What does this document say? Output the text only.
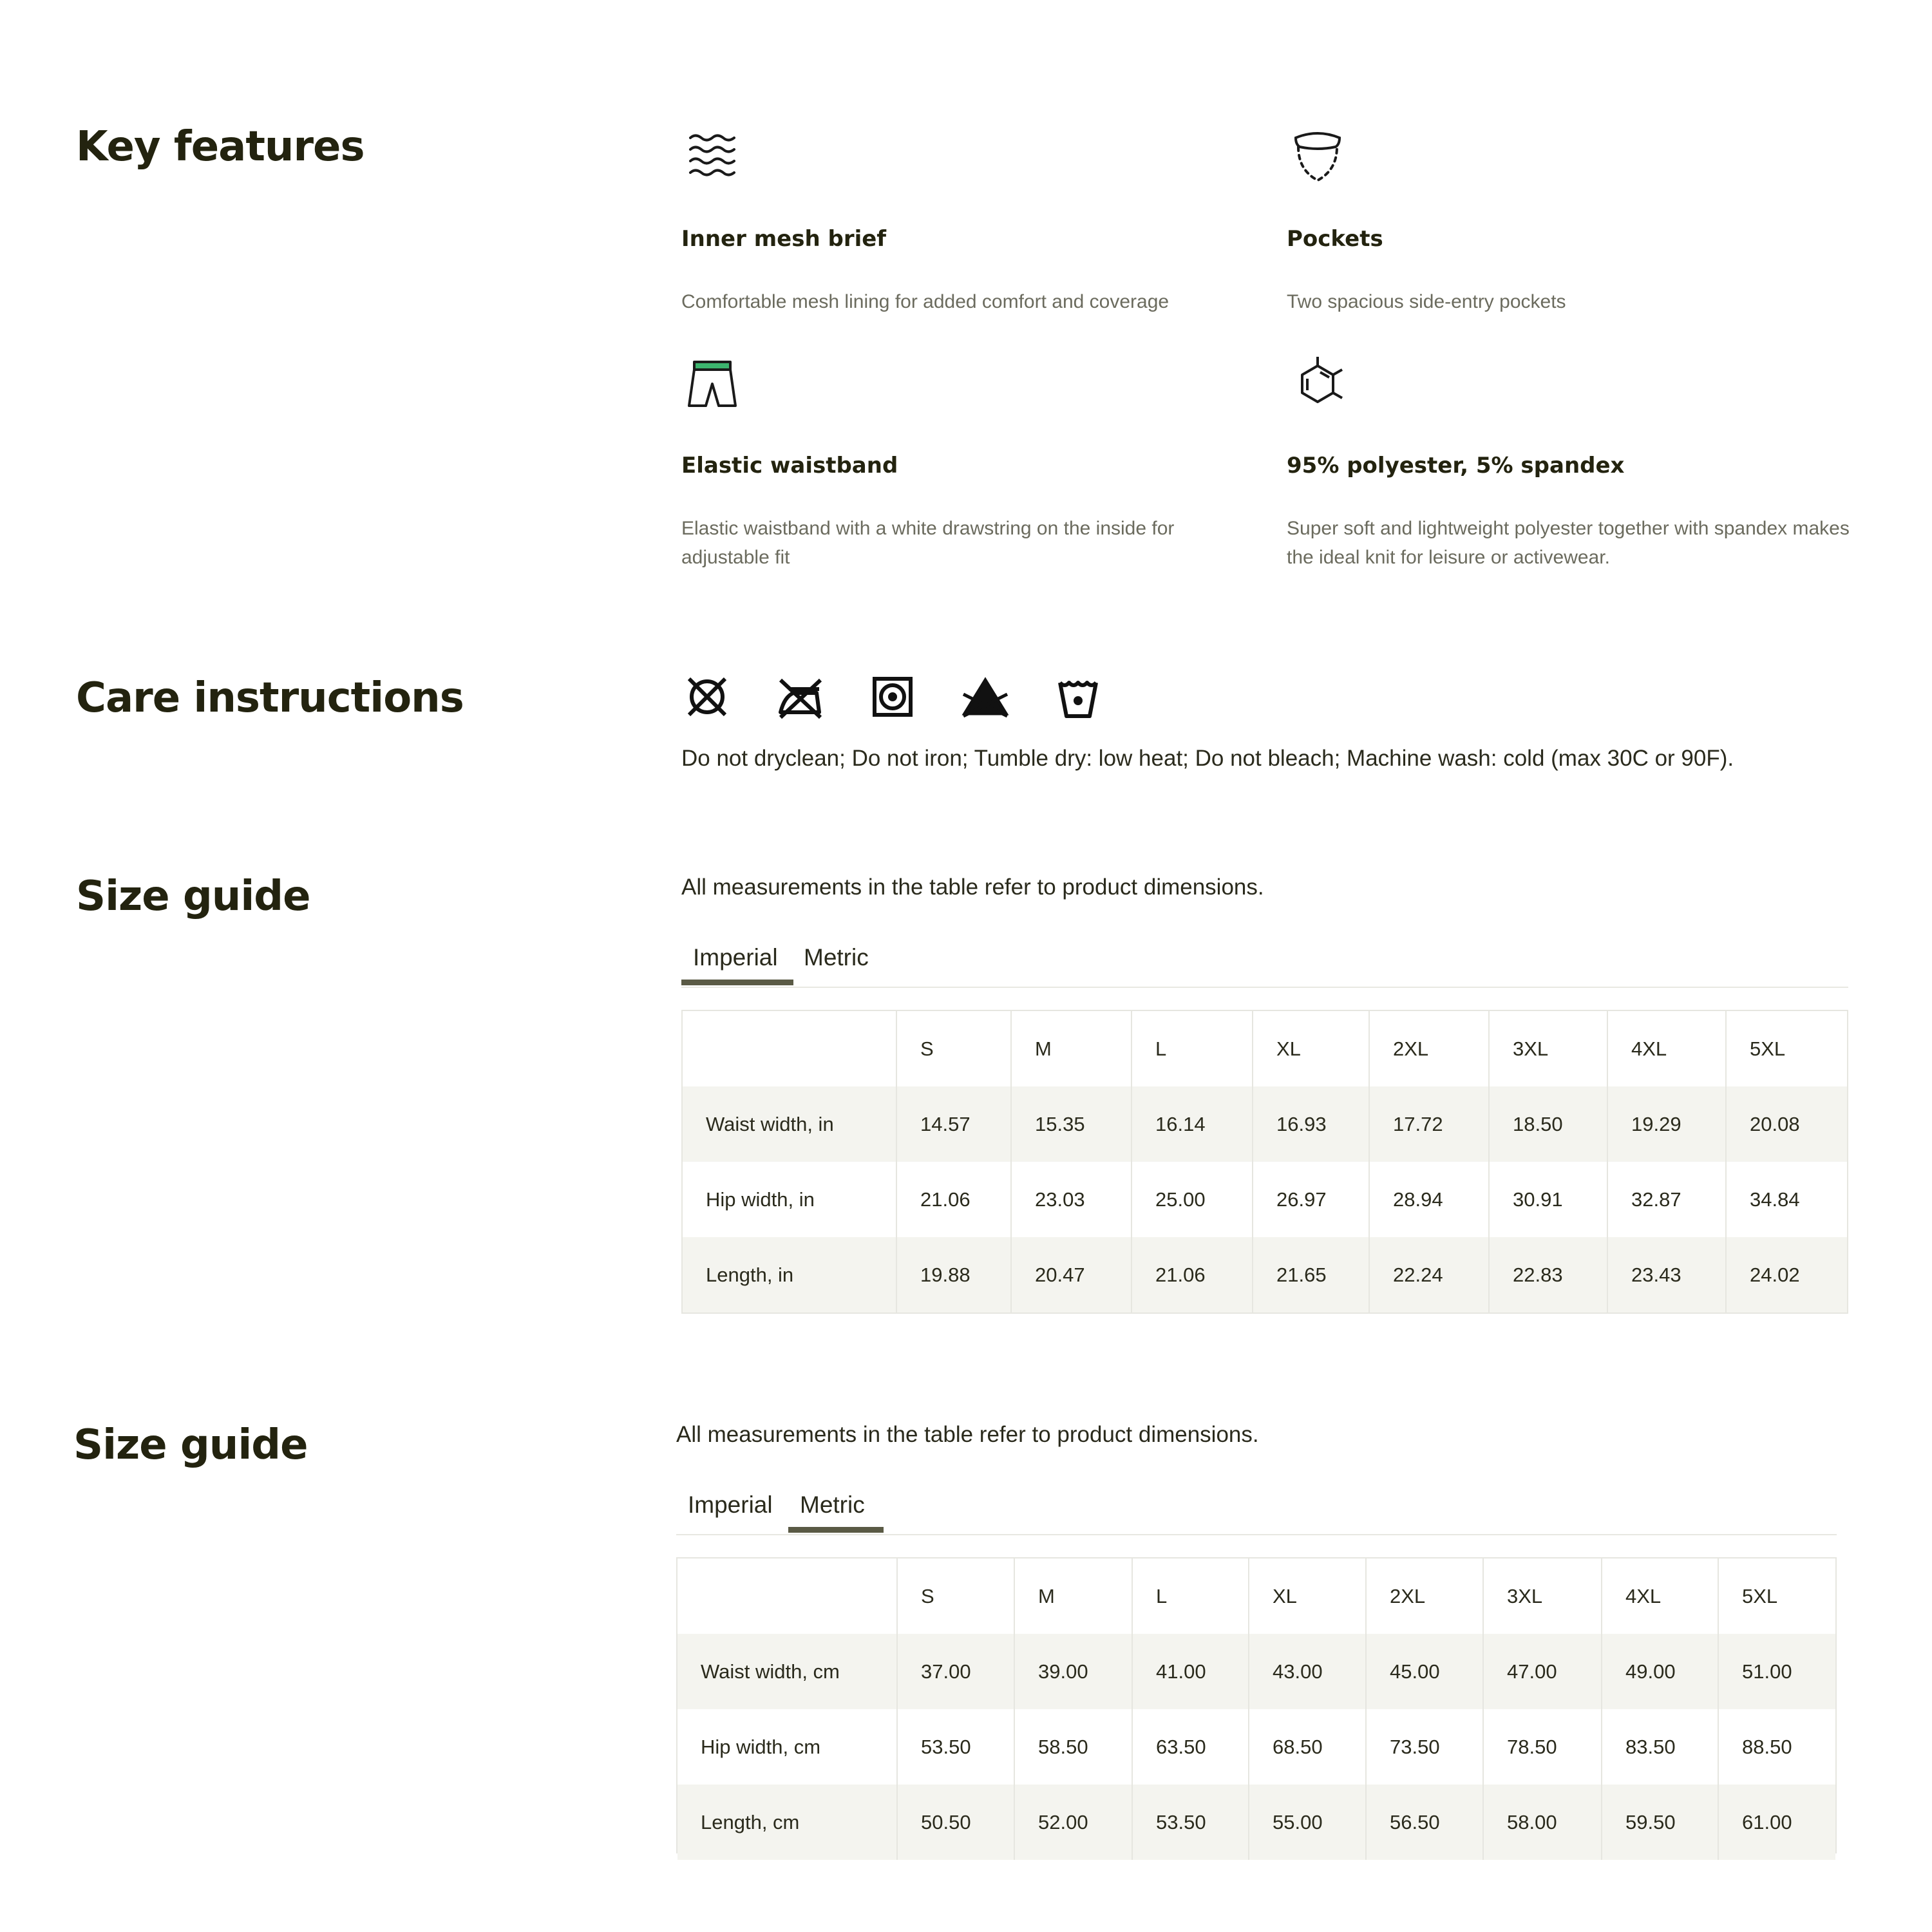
Key features
Inner mesh brief
Comfortable mesh lining for added comfort and coverage
Pockets
Two spacious side-entry pockets
Elastic waistband
Elastic waistband with a white drawstring on the inside for adjustable fit
95% polyester, 5% spandex
Super soft and lightweight polyester together with spandex makes the ideal knit for leisure or activewear.
Care instructions
Do not dryclean; Do not iron; Tumble dry: low heat; Do not bleach; Machine wash: cold (max 30C or 90F).
Size guide	All measurements in the table refer to product dimensions.
Imperial	Metric
	S	M	L	XL	2XL	3XL	4XL	5XL
Waist width, in	14.57	15.35	16.14	16.93	17.72	18.50	19.29	20.08
Hip width, in	21.06	23.03	25.00	26.97	28.94	30.91	32.87	34.84
Length, in	19.88	20.47	21.06	21.65	22.24	22.83	23.43	24.02
Size guide	All measurements in the table refer to product dimensions.
Imperial	Metric
	S	M	L	XL	2XL	3XL	4XL	5XL
Waist width, cm	37.00	39.00	41.00	43.00	45.00	47.00	49.00	51.00
Hip width, cm	53.50	58.50	63.50	68.50	73.50	78.50	83.50	88.50
Length, cm	50.50	52.00	53.50	55.00	56.50	58.00	59.50	61.00
